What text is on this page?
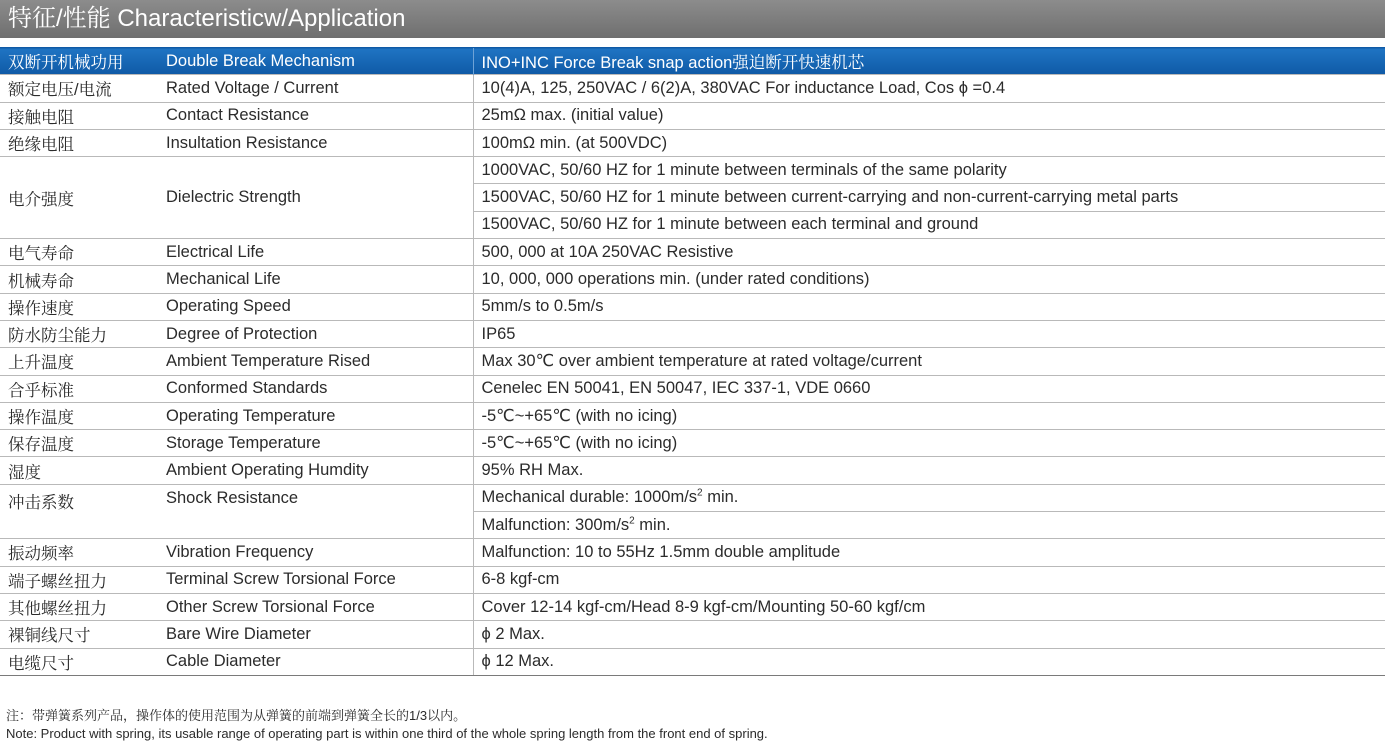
特征/性能 Characteristicw/Application
双断开机械功用	Double Break Mechanism	INO+INC Force Break snap action强迫断开快速机芯
额定电压/电流	Rated Voltage / Current	10(4)A, 125, 250VAC / 6(2)A, 380VAC For inductance Load, Cos ϕ =0.4
接触电阻	Contact Resistance	25mΩ max. (initial value)
绝缘电阻	Insultation Resistance	100mΩ min. (at 500VDC)
电介强度	Dielectric Strength	1000VAC, 50/60 HZ for 1 minute between terminals of the same polarity
		1500VAC, 50/60 HZ for 1 minute between current-carrying and non-current-carrying metal parts
		1500VAC, 50/60 HZ for 1 minute between each terminal and ground
电气寿命	Electrical Life	500, 000 at 10A 250VAC Resistive
机械寿命	Mechanical Life	10, 000, 000 operations min. (under rated conditions)
操作速度	Operating Speed	5mm/s to 0.5m/s
防水防尘能力	Degree of Protection	IP65
上升温度	Ambient Temperature Rised	Max 30℃ over ambient temperature at rated voltage/current
合乎标准	Conformed Standards	Cenelec EN 50041, EN 50047, IEC 337-1, VDE 0660
操作温度	Operating Temperature	-5℃~+65℃ (with no icing)
保存温度	Storage Temperature	-5℃~+65℃ (with no icing)
湿度	Ambient Operating Humdity	95% RH Max.
冲击系数	Shock Resistance	Mechanical durable: $1000m/s^2$ min.
		Malfunction: $300m/s^2$ min.
振动频率	Vibration Frequency	Malfunction: 10 to 55Hz 1.5mm double amplitude
端子螺丝扭力	Terminal Screw Torsional Force	6-8 kgf-cm
其他螺丝扭力	Other Screw Torsional Force	Cover 12-14 kgf-cm/Head 8-9 kgf-cm/Mounting 50-60 kgf/cm
裸铜线尺寸	Bare Wire Diameter	ϕ 2 Max.
电缆尺寸	Cable Diameter	ϕ 12 Max.
注：带弹簧系列产品，操作体的使用范围为从弹簧的前端到弹簧全长的1/3以内。
Note: Product with spring, its usable range of operating part is within one third of the whole spring length from the front end of spring.
